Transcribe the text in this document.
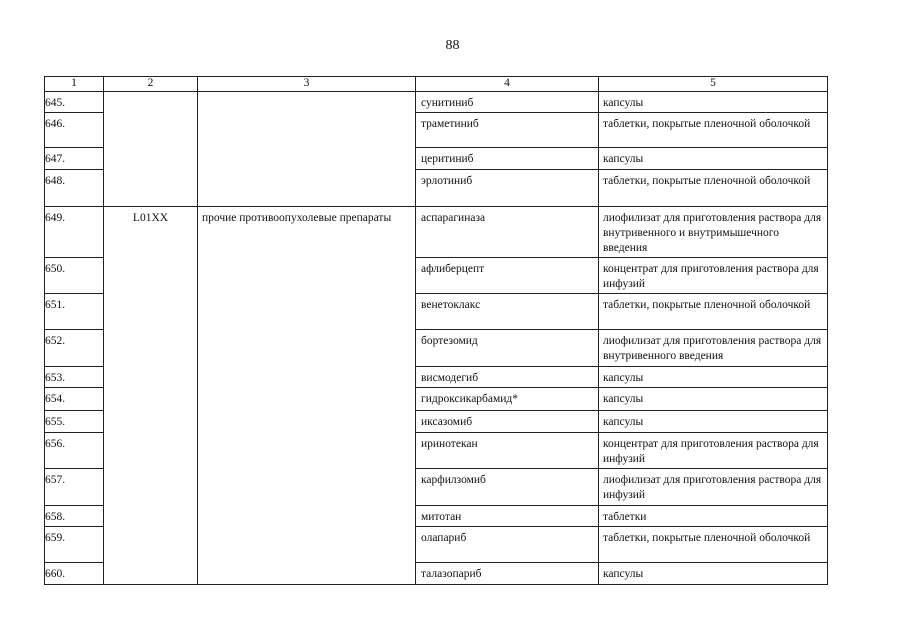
88
1	2	3	4	5
645.			сунитиниб	капсулы
646.			траметиниб	таблетки, покрытые пленочной оболочкой
647.			церитиниб	капсулы
648.			эрлотиниб	таблетки, покрытые пленочной оболочкой
649.	L01XX	прочие противоопухолевые препараты	аспарагиназа	лиофилизат для приготовления раствора для внутривенного и внутримышечного введения
650.			афлиберцепт	концентрат для приготовления раствора для инфузий
651.			венетоклакс	таблетки, покрытые пленочной оболочкой
652.			бортезомид	лиофилизат для приготовления раствора для внутривенного введения
653.			висмодегиб	капсулы
654.			гидроксикарбамид*	капсулы
655.			иксазомиб	капсулы
656.			иринотекан	концентрат для приготовления раствора для инфузий
657.			карфилзомиб	лиофилизат для приготовления раствора для инфузий
658.			митотан	таблетки
659.			олапариб	таблетки, покрытые пленочной оболочкой
660.			талазопариб	капсулы
